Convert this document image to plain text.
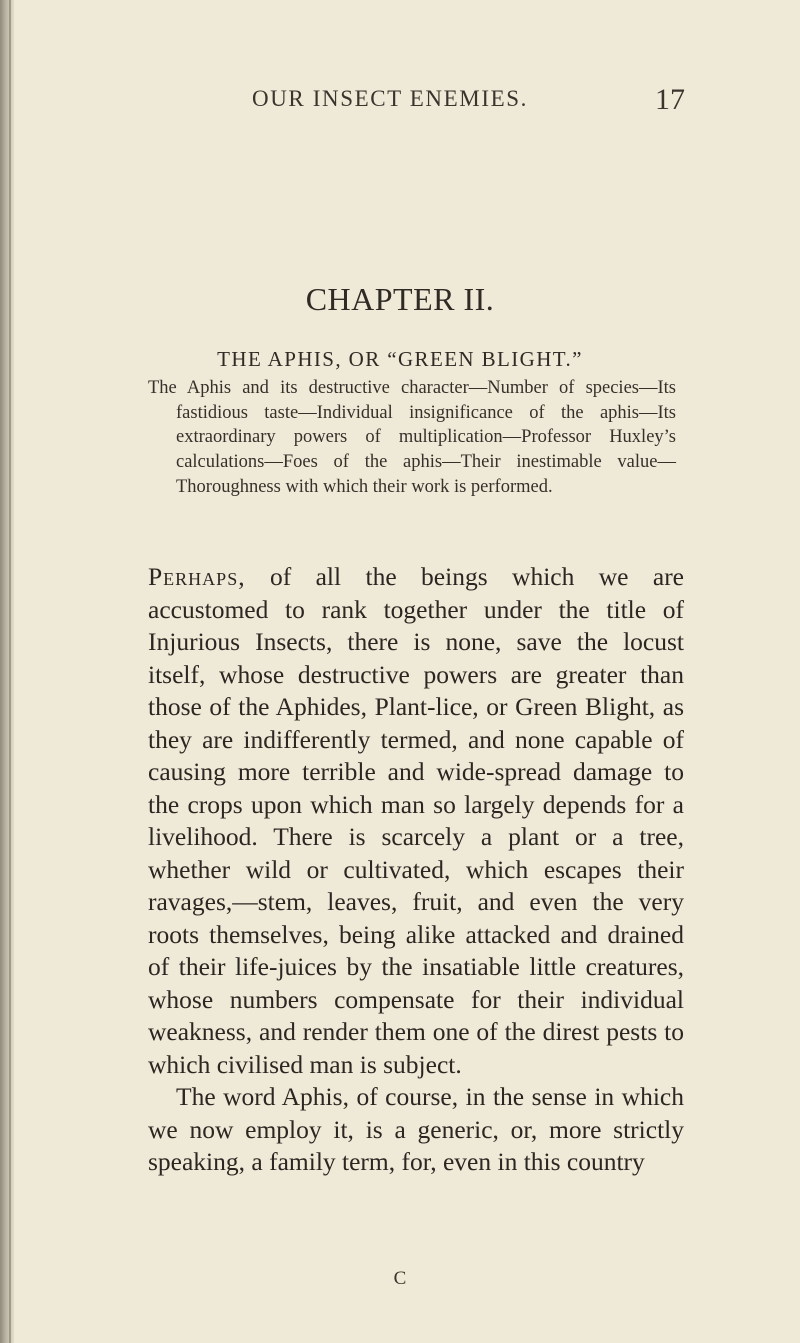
OUR INSECT ENEMIES.	17
CHAPTER II.
THE APHIS, OR “GREEN BLIGHT.”

The Aphis and its destructive character—Number of species—Its fastidious taste—Individual insignificance of the aphis—Its extraordinary powers of multiplication—Professor Huxley’s calculations—Foes of the aphis—Their inestimable value—Thoroughness with which their work is performed.

Perhaps, of all the beings which we are accustomed to rank together under the title of Injurious Insects, there is none, save the locust itself, whose destructive powers are greater than those of the Aphides, Plant-lice, or Green Blight, as they are indifferently termed, and none capable of causing more terrible and wide-spread damage to the crops upon which man so largely depends for a livelihood. There is scarcely a plant or a tree, whether wild or cultivated, which escapes their ravages,—stem, leaves, fruit, and even the very roots themselves, being alike attacked and drained of their life-juices by the insatiable little creatures, whose numbers compensate for their individual weakness, and render them one of the direst pests to which civilised man is subject.

The word Aphis, of course, in the sense in which we now employ it, is a generic, or, more strictly speaking, a family term, for, even in this country

C
